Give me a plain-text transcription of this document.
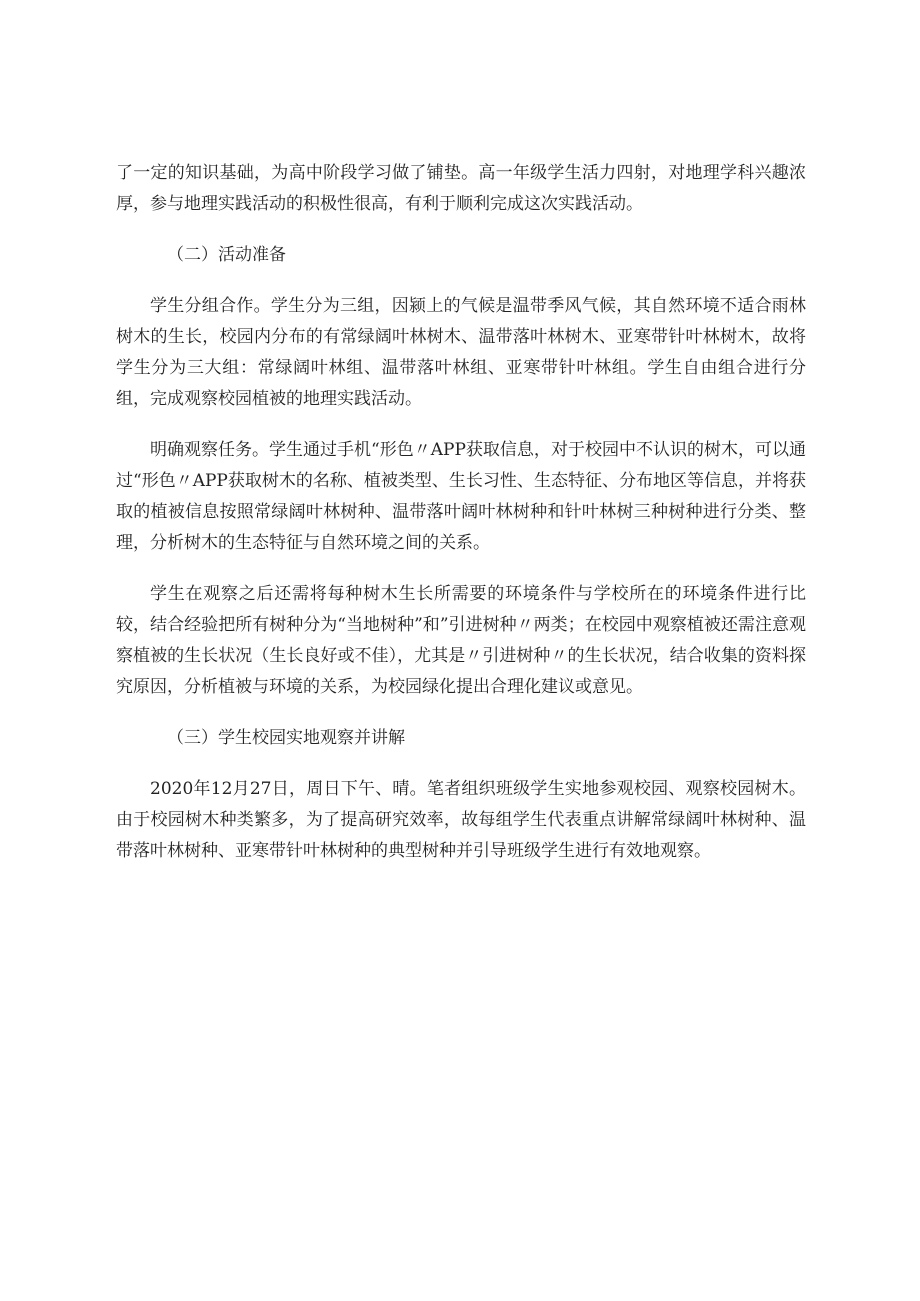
了一定的知识基础，为高中阶段学习做了铺垫。高一年级学生活力四射，对地理学科兴趣浓厚，参与地理实践活动的积极性很高，有利于顺利完成这次实践活动。

（二）活动准备

学生分组合作。学生分为三组，因颍上的气候是温带季风气候，其自然环境不适合雨林树木的生长，校园内分布的有常绿阔叶林树木、温带落叶林树木、亚寒带针叶林树木，故将学生分为三大组：常绿阔叶林组、温带落叶林组、亚寒带针叶林组。学生自由组合进行分组，完成观察校园植被的地理实践活动。

明确观察任务。学生通过手机“形色〃APP获取信息，对于校园中不认识的树木，可以通过“形色〃APP获取树木的名称、植被类型、生长习性、生态特征、分布地区等信息，并将获取的植被信息按照常绿阔叶林树种、温带落叶阔叶林树种和针叶林树三种树种进行分类、整理，分析树木的生态特征与自然环境之间的关系。

学生在观察之后还需将每种树木生长所需要的环境条件与学校所在的环境条件进行比较，结合经验把所有树种分为“当地树种”和”引进树种〃两类；在校园中观察植被还需注意观察植被的生长状况（生长良好或不佳），尤其是〃引进树种〃的生长状况，结合收集的资料探究原因，分析植被与环境的关系，为校园绿化提出合理化建议或意见。

（三）学生校园实地观察并讲解

2020年12月27日，周日下午、晴。笔者组织班级学生实地参观校园、观察校园树木。由于校园树木种类繁多，为了提高研究效率，故每组学生代表重点讲解常绿阔叶林树种、温带落叶林树种、亚寒带针叶林树种的典型树种并引导班级学生进行有效地观察。
